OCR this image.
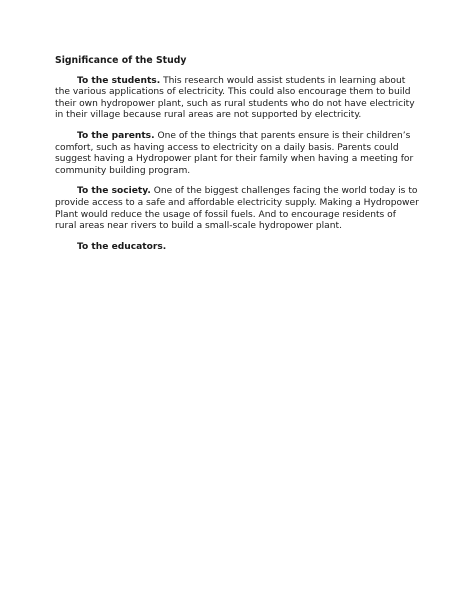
Significance of the Study

To the students. This research would assist students in learning about the various applications of electricity. This could also encourage them to build their own hydropower plant, such as rural students who do not have electricity in their village because rural areas are not supported by electricity.

To the parents. One of the things that parents ensure is their children’s comfort, such as having access to electricity on a daily basis. Parents could suggest having a Hydropower plant for their family when having a meeting for community building program.

To the society. One of the biggest challenges facing the world today is to provide access to a safe and affordable electricity supply. Making a Hydropower Plant would reduce the usage of fossil fuels. And to encourage residents of rural areas near rivers to build a small-scale hydropower plant.

To the educators.
